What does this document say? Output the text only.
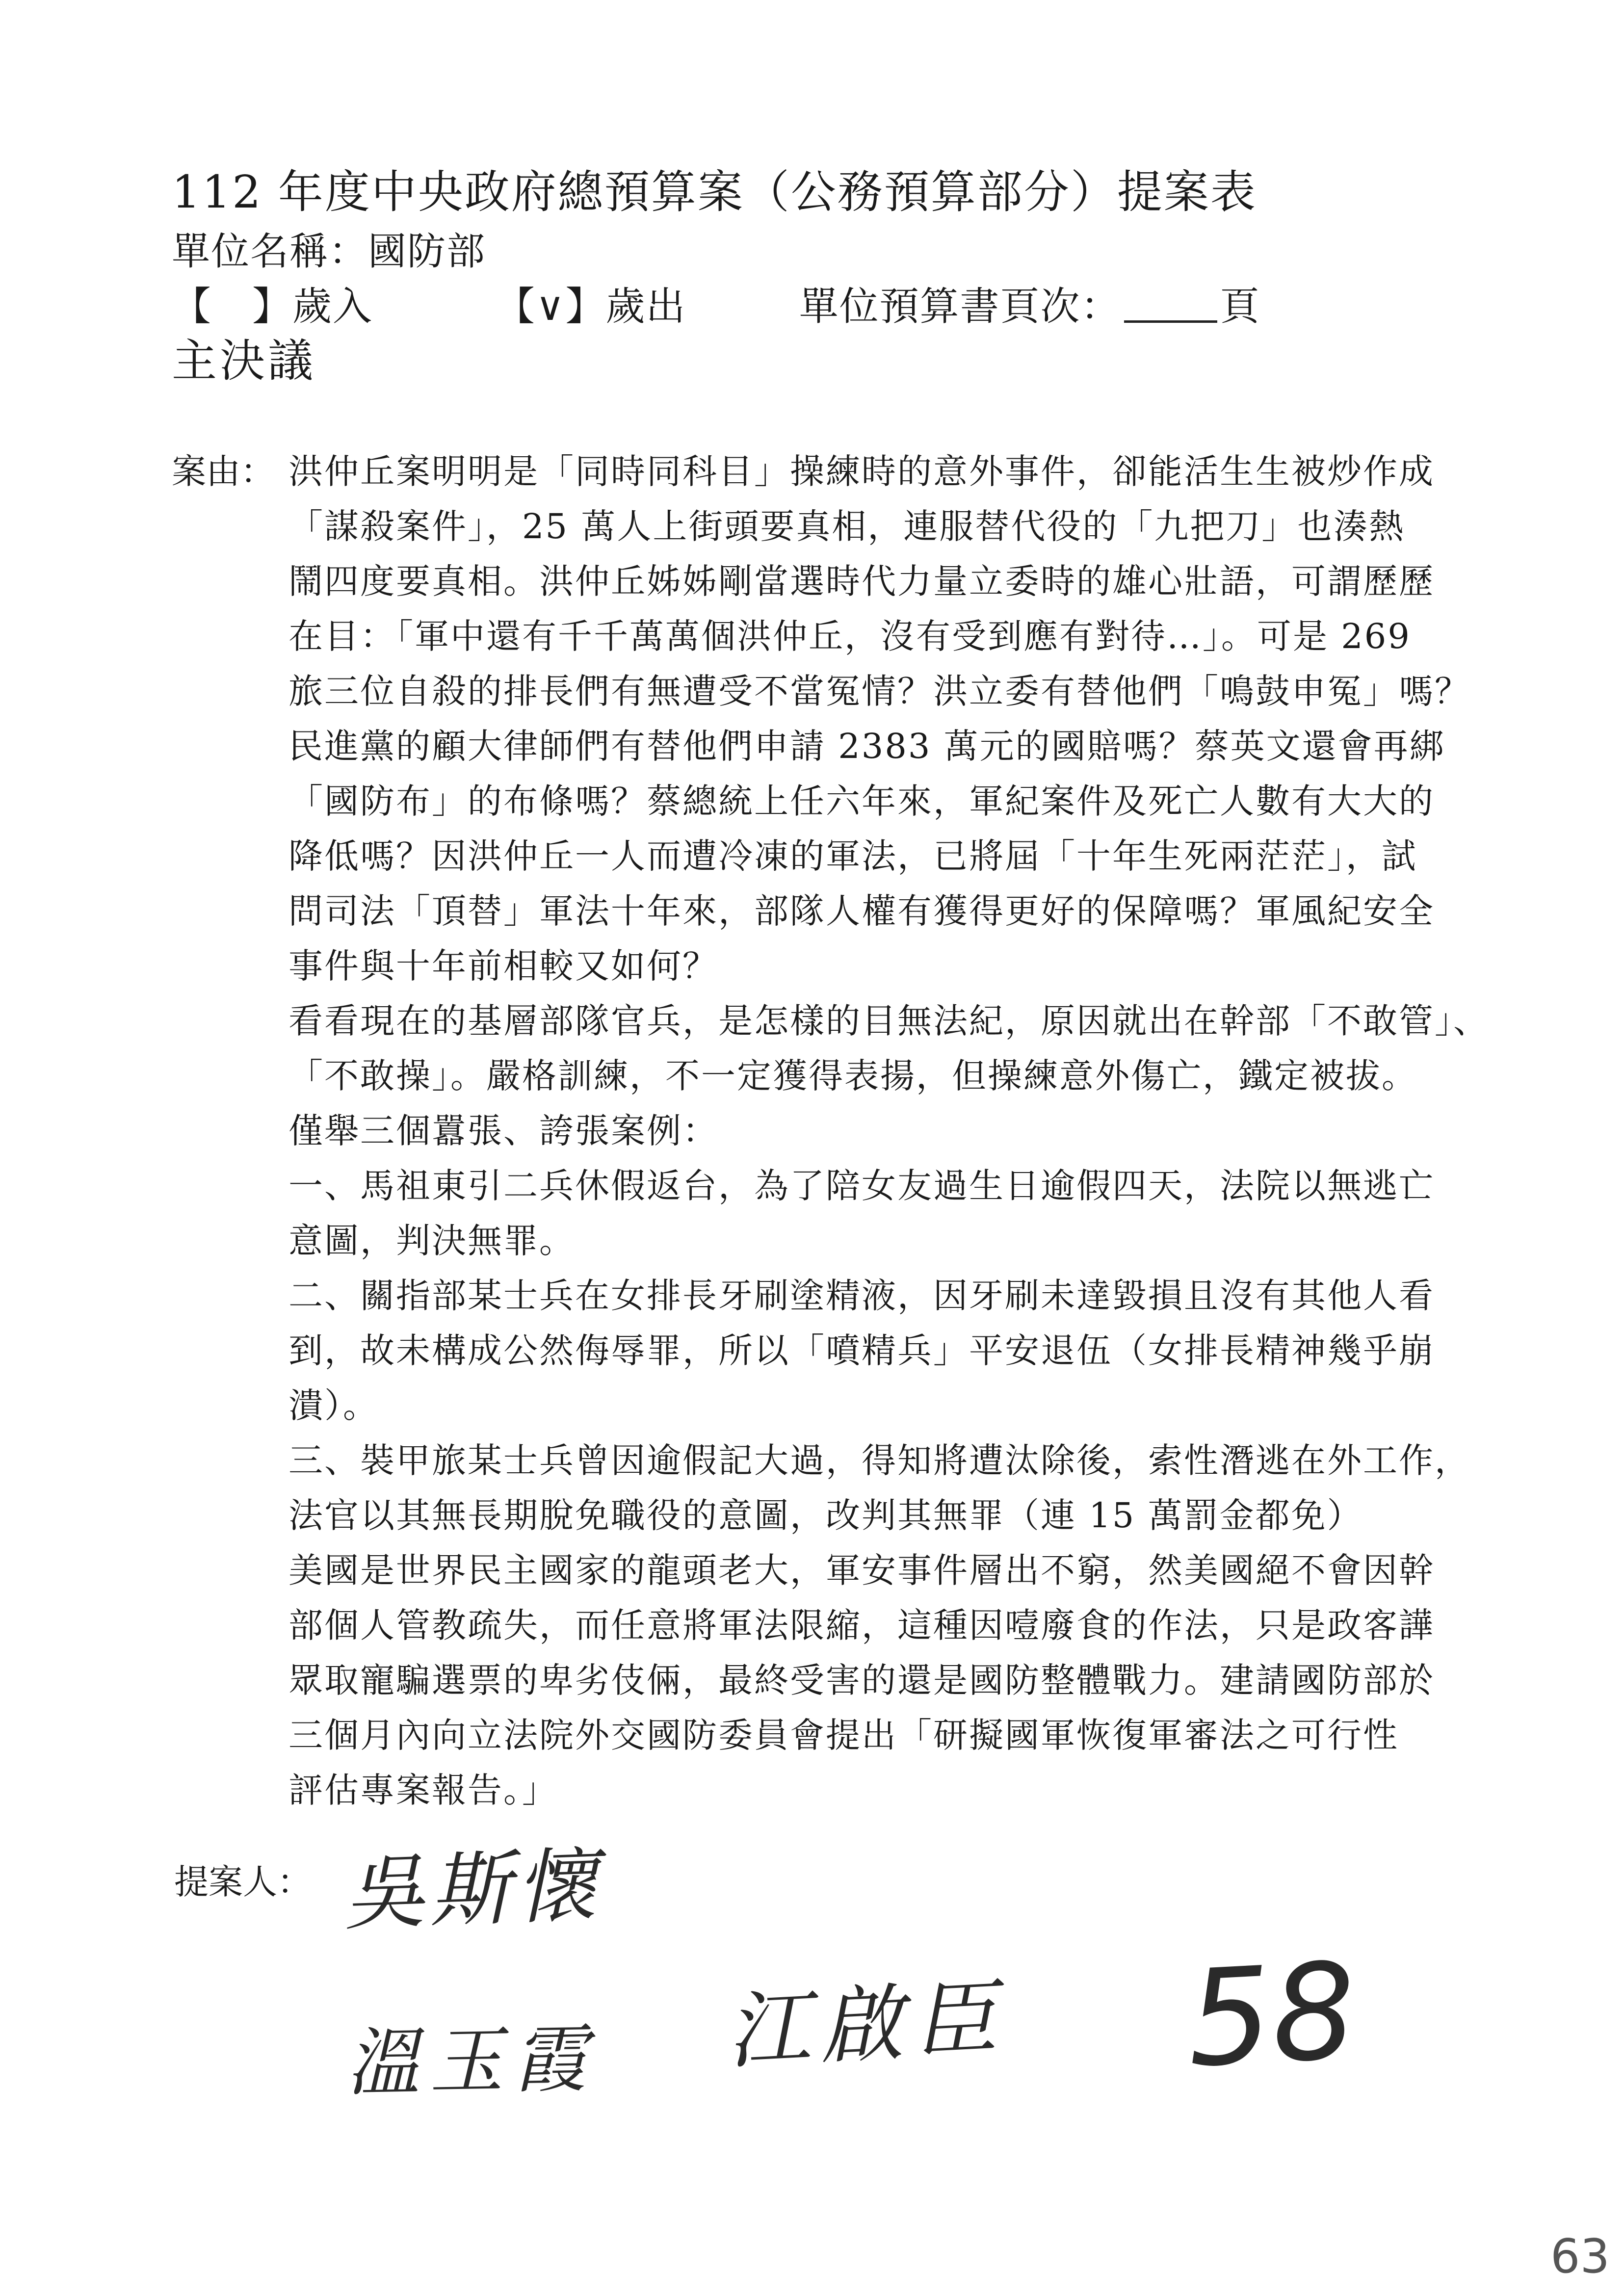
112 年度中央政府總預算案（公務預算部分）提案表
單位名稱：國防部
【　】歲入	【∨】歲出	單位預算書頁次：	頁
主決議
案由： 洪仲丘案明明是「同時同科目」操練時的意外事件，卻能活生生被炒作成
「謀殺案件」，25 萬人上街頭要真相，連服替代役的「九把刀」也湊熱
鬧四度要真相。洪仲丘姊姊剛當選時代力量立委時的雄心壯語，可謂歷歷
在目：「軍中還有千千萬萬個洪仲丘，沒有受到應有對待…」。可是 269
旅三位自殺的排長們有無遭受不當冤情？洪立委有替他們「鳴鼓申冤」嗎？
民進黨的顧大律師們有替他們申請 2383 萬元的國賠嗎？蔡英文還會再綁
「國防布」的布條嗎？蔡總統上任六年來，軍紀案件及死亡人數有大大的
降低嗎？因洪仲丘一人而遭冷凍的軍法，已將屆「十年生死兩茫茫」，試
問司法「頂替」軍法十年來，部隊人權有獲得更好的保障嗎？軍風紀安全
事件與十年前相較又如何？
看看現在的基層部隊官兵，是怎樣的目無法紀，原因就出在幹部「不敢管」、
「不敢操」。嚴格訓練，不一定獲得表揚，但操練意外傷亡，鐵定被拔。
僅舉三個囂張、誇張案例：
一、馬祖東引二兵休假返台，為了陪女友過生日逾假四天，法院以無逃亡
意圖，判決無罪。
二、關指部某士兵在女排長牙刷塗精液，因牙刷未達毀損且沒有其他人看
到，故未構成公然侮辱罪，所以「噴精兵」平安退伍（女排長精神幾乎崩
潰）。
三、裝甲旅某士兵曾因逾假記大過，得知將遭汰除後，索性潛逃在外工作，
法官以其無長期脫免職役的意圖，改判其無罪（連 15 萬罰金都免）
美國是世界民主國家的龍頭老大，軍安事件層出不窮，然美國絕不會因幹
部個人管教疏失，而任意將軍法限縮，這種因噎廢食的作法，只是政客譁
眾取寵騙選票的卑劣伎倆，最終受害的還是國防整體戰力。建請國防部於
三個月內向立法院外交國防委員會提出「研擬國軍恢復軍審法之可行性
評估專案報告。」
提案人： 吳斯懷
溫玉霞 江啟臣 58
63
